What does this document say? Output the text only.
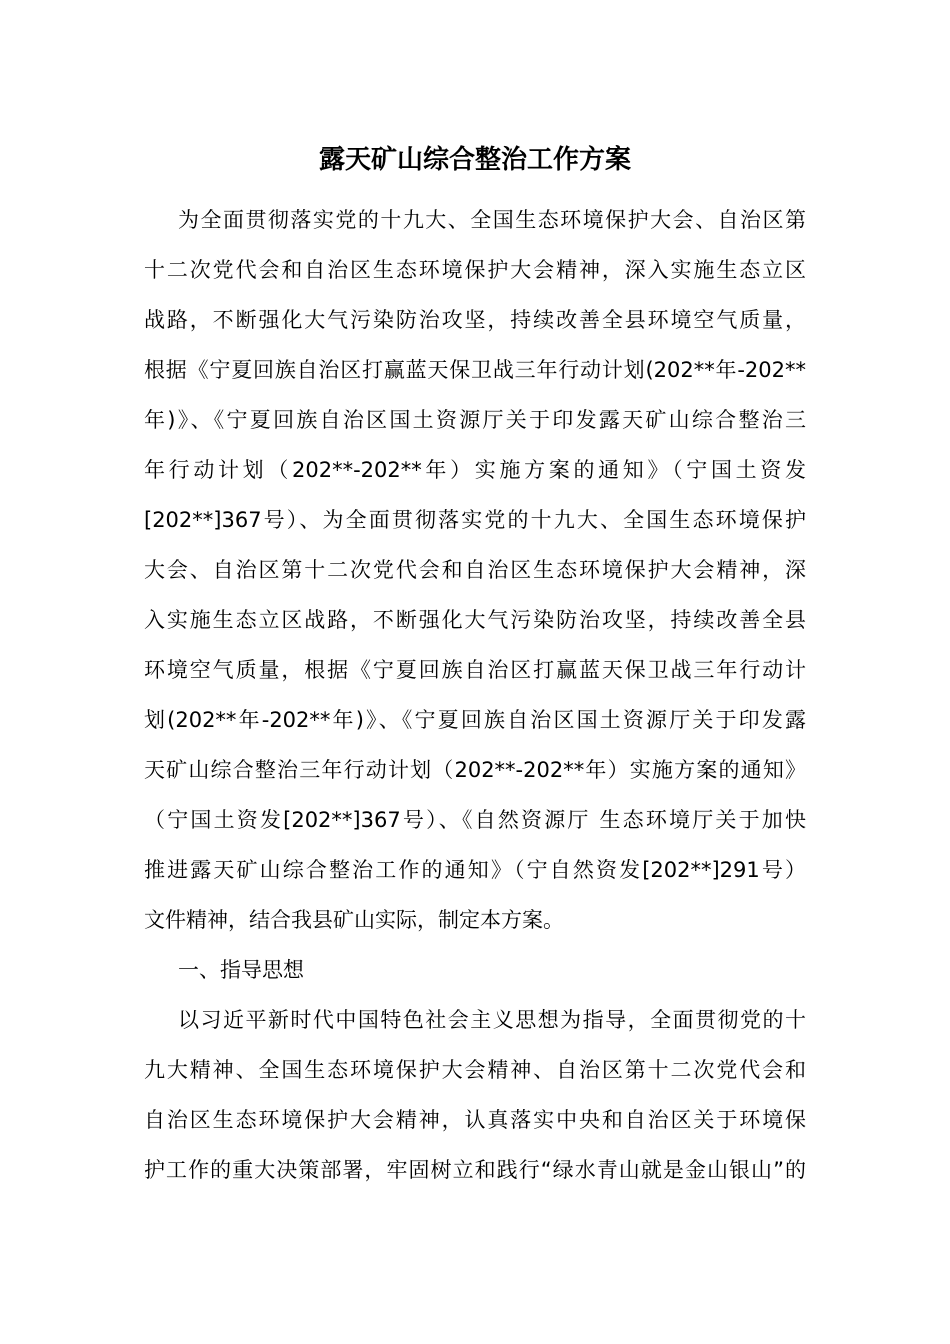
露天矿山综合整治工作方案
为全面贯彻落实党的十九大、全国生态环境保护大会、自治区第
十二次党代会和自治区生态环境保护大会精神，深入实施生态立区
战路，不断强化大气污染防治攻坚，持续改善全县环境空气质量，
根据《宁夏回族自治区打赢蓝天保卫战三年行动计划(202**年-202**
年)》、《宁夏回族自治区国土资源厅关于印发露天矿山综合整治三
年行动计划（202**-202**年）实施方案的通知》（宁国土资发
[202**]367号）、为全面贯彻落实党的十九大、全国生态环境保护
大会、自治区第十二次党代会和自治区生态环境保护大会精神，深
入实施生态立区战路，不断强化大气污染防治攻坚，持续改善全县
环境空气质量，根据《宁夏回族自治区打赢蓝天保卫战三年行动计
划(202**年-202**年)》、《宁夏回族自治区国土资源厅关于印发露
天矿山综合整治三年行动计划（202**-202**年）实施方案的通知》
（宁国土资发[202**]367号）、《自然资源厅 生态环境厅关于加快
推进露天矿山综合整治工作的通知》（宁自然资发[202**]291号）
文件精神，结合我县矿山实际，制定本方案。
一、指导思想
以习近平新时代中国特色社会主义思想为指导，全面贯彻党的十
九大精神、全国生态环境保护大会精神、自治区第十二次党代会和
自治区生态环境保护大会精神，认真落实中央和自治区关于环境保
护工作的重大决策部署，牢固树立和践行“绿水青山就是金山银山”的
